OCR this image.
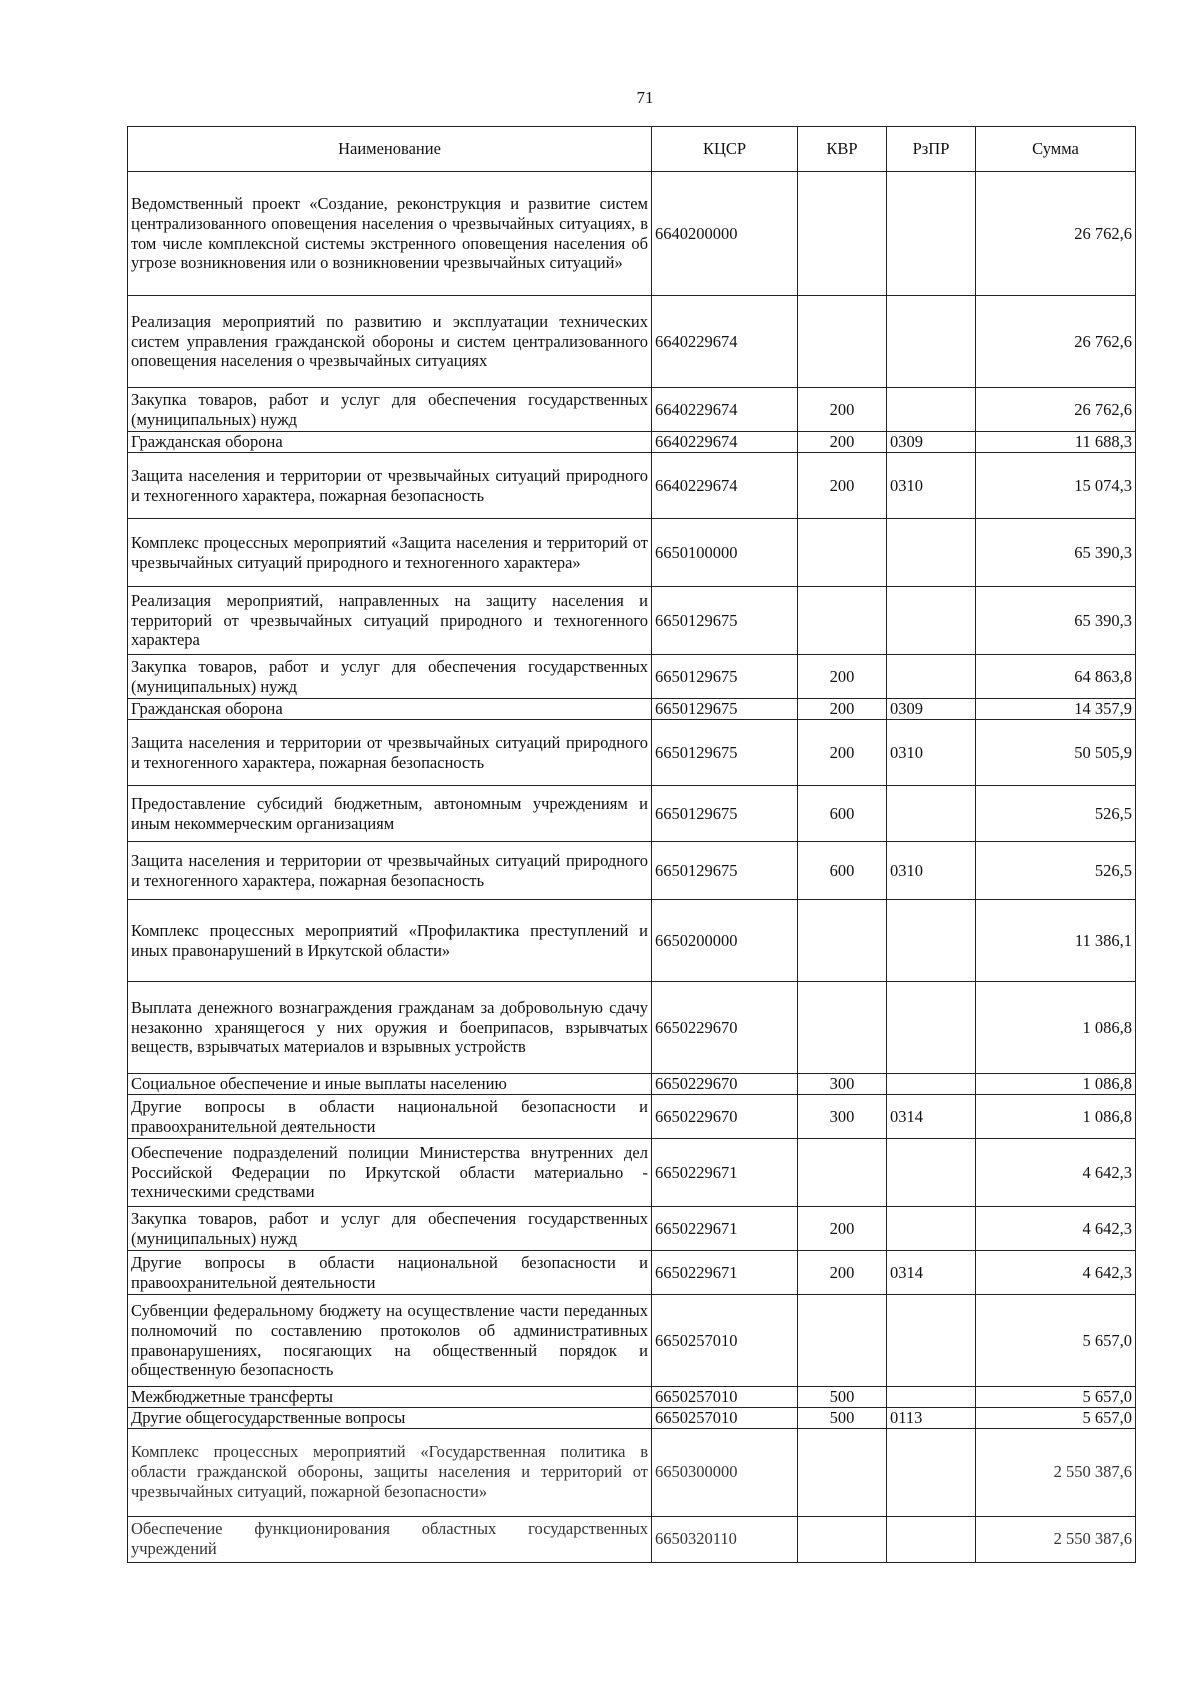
71
Наименование	КЦСР	КВР	РзПР	Сумма
Ведомственный проект «Создание, реконструкция и развитие систем централизованного оповещения населения о чрезвычайных ситуациях, в том числе комплексной системы экстренного оповещения населения об угрозе возникновения или о возникновении чрезвычайных ситуаций»	6640200000			26 762,6
Реализация мероприятий по развитию и эксплуатации технических систем управления гражданской обороны и систем централизованного оповещения населения о чрезвычайных ситуациях	6640229674			26 762,6
Закупка товаров, работ и услуг для обеспечения государственных (муниципальных) нужд	6640229674	200		26 762,6
Гражданская оборона	6640229674	200	0309	11 688,3
Защита населения и территории от чрезвычайных ситуаций природного и техногенного характера, пожарная безопасность	6640229674	200	0310	15 074,3
Комплекс процессных мероприятий «Защита населения и территорий от чрезвычайных ситуаций природного и техногенного характера»	6650100000			65 390,3
Реализация мероприятий, направленных на защиту населения и территорий от чрезвычайных ситуаций природного и техногенного характера	6650129675			65 390,3
Закупка товаров, работ и услуг для обеспечения государственных (муниципальных) нужд	6650129675	200		64 863,8
Гражданская оборона	6650129675	200	0309	14 357,9
Защита населения и территории от чрезвычайных ситуаций природного и техногенного характера, пожарная безопасность	6650129675	200	0310	50 505,9
Предоставление субсидий бюджетным, автономным учреждениям и иным некоммерческим организациям	6650129675	600		526,5
Защита населения и территории от чрезвычайных ситуаций природного и техногенного характера, пожарная безопасность	6650129675	600	0310	526,5
Комплекс процессных мероприятий «Профилактика преступлений и иных правонарушений в Иркутской области»	6650200000			11 386,1
Выплата денежного вознаграждения гражданам за добровольную сдачу незаконно хранящегося у них оружия и боеприпасов, взрывчатых веществ, взрывчатых материалов и взрывных устройств	6650229670			1 086,8
Социальное обеспечение и иные выплаты населению	6650229670	300		1 086,8
Другие вопросы в области национальной безопасности и правоохранительной деятельности	6650229670	300	0314	1 086,8
Обеспечение подразделений полиции Министерства внутренних дел Российской Федерации по Иркутской области материально - техническими средствами	6650229671			4 642,3
Закупка товаров, работ и услуг для обеспечения государственных (муниципальных) нужд	6650229671	200		4 642,3
Другие вопросы в области национальной безопасности и правоохранительной деятельности	6650229671	200	0314	4 642,3
Субвенции федеральному бюджету на осуществление части переданных полномочий по составлению протоколов об административных правонарушениях, посягающих на общественный порядок и общественную безопасность	6650257010			5 657,0
Межбюджетные трансферты	6650257010	500		5 657,0
Другие общегосударственные вопросы	6650257010	500	0113	5 657,0
Комплекс процессных мероприятий «Государственная политика в области гражданской обороны, защиты населения и территорий от чрезвычайных ситуаций, пожарной безопасности»	6650300000			2 550 387,6
Обеспечение функционирования областных государственных учреждений	6650320110			2 550 387,6
